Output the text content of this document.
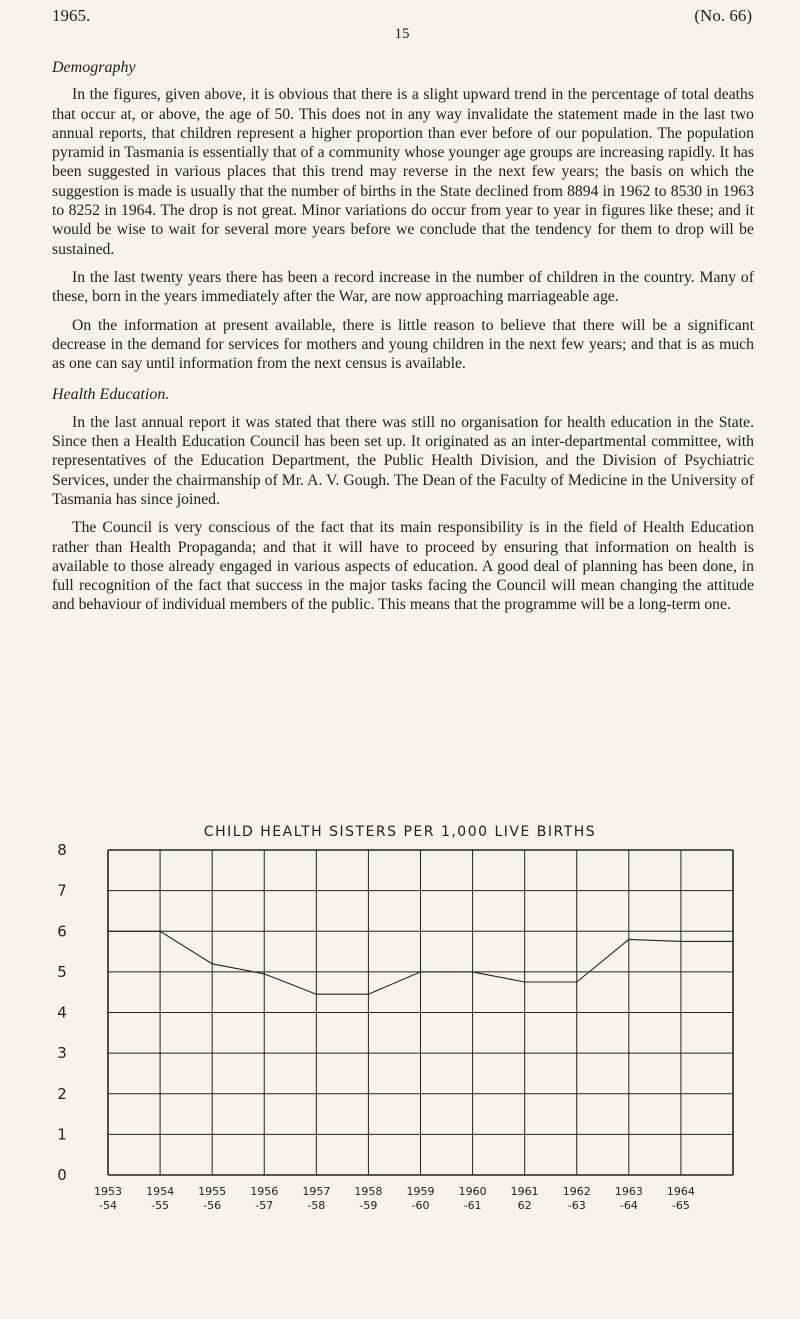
1965.	(No. 66)
15
Demography

In the figures, given above, it is obvious that there is a slight upward trend in the percentage of total deaths that occur at, or above, the age of 50. This does not in any way invalidate the statement made in the last two annual reports, that children represent a higher proportion than ever before of our population. The population pyramid in Tasmania is essentially that of a community whose younger age groups are increasing rapidly. It has been suggested in various places that this trend may reverse in the next few years; the basis on which the suggestion is made is usually that the number of births in the State declined from 8894 in 1962 to 8530 in 1963 to 8252 in 1964. The drop is not great. Minor variations do occur from year to year in figures like these; and it would be wise to wait for several more years before we conclude that the tendency for them to drop will be sustained.

In the last twenty years there has been a record increase in the number of children in the country. Many of these, born in the years immediately after the War, are now approaching marriageable age.

On the information at present available, there is little reason to believe that there will be a significant decrease in the demand for services for mothers and young children in the next few years; and that is as much as one can say until information from the next census is available.

Health Education.

In the last annual report it was stated that there was still no organisation for health education in the State. Since then a Health Education Council has been set up. It originated as an inter-departmental committee, with representatives of the Education Department, the Public Health Division, and the Division of Psychiatric Services, under the chairmanship of Mr. A. V. Gough. The Dean of the Faculty of Medicine in the University of Tasmania has since joined.

The Council is very conscious of the fact that its main responsibility is in the field of Health Education rather than Health Propaganda; and that it will have to proceed by ensuring that information on health is available to those already engaged in various aspects of education. A good deal of planning has been done, in full recognition of the fact that success in the major tasks facing the Council will mean changing the attitude and behaviour of individual members of the public. This means that the programme will be a long-term one.

CHILD HEALTH SISTERS PER 1,000 LIVE BIRTHS
0
1
2
3
4
5
6
7
8
1953
-54
1954
-55
1955
-56
1956
-57
1957
-58
1958
-59
1959
-60
1960
-61
1961
62
1962
-63
1963
-64
1964
-65
